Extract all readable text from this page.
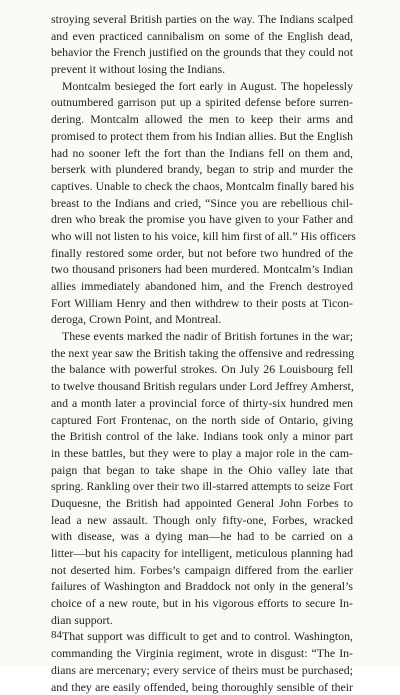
stroying several British parties on the way. The Indians scalped
and even practiced cannibalism on some of the English dead,
behavior the French justified on the grounds that they could not
prevent it without losing the Indians.
Montcalm besieged the fort early in August. The hopelessly
outnumbered garrison put up a spirited defense before surren-
dering. Montcalm allowed the men to keep their arms and
promised to protect them from his Indian allies. But the English
had no sooner left the fort than the Indians fell on them and,
berserk with plundered brandy, began to strip and murder the
captives. Unable to check the chaos, Montcalm finally bared his
breast to the Indians and cried, “Since you are rebellious chil-
dren who break the promise you have given to your Father and
who will not listen to his voice, kill him first of all.” His officers
finally restored some order, but not before two hundred of the
two thousand prisoners had been murdered. Montcalm’s Indian
allies immediately abandoned him, and the French destroyed
Fort William Henry and then withdrew to their posts at Ticon-
deroga, Crown Point, and Montreal.
These events marked the nadir of British fortunes in the war;
the next year saw the British taking the offensive and redressing
the balance with powerful strokes. On July 26 Louisbourg fell
to twelve thousand British regulars under Lord Jeffrey Amherst,
and a month later a provincial force of thirty-six hundred men
captured Fort Frontenac, on the north side of Ontario, giving
the British control of the lake. Indians took only a minor part
in these battles, but they were to play a major role in the cam-
paign that began to take shape in the Ohio valley late that
spring. Rankling over their two ill-starred attempts to seize Fort
Duquesne, the British had appointed General John Forbes to
lead a new assault. Though only fifty-one, Forbes, wracked
with disease, was a dying man—he had to be carried on a
litter—but his capacity for intelligent, meticulous planning had
not deserted him. Forbes’s campaign differed from the earlier
failures of Washington and Braddock not only in the general’s
choice of a new route, but in his vigorous efforts to secure In-
dian support.
That support was difficult to get and to control. Washington,
commanding the Virginia regiment, wrote in disgust: “The In-
dians are mercenary; every service of theirs must be purchased;
and they are easily offended, being thoroughly sensible of their
84
